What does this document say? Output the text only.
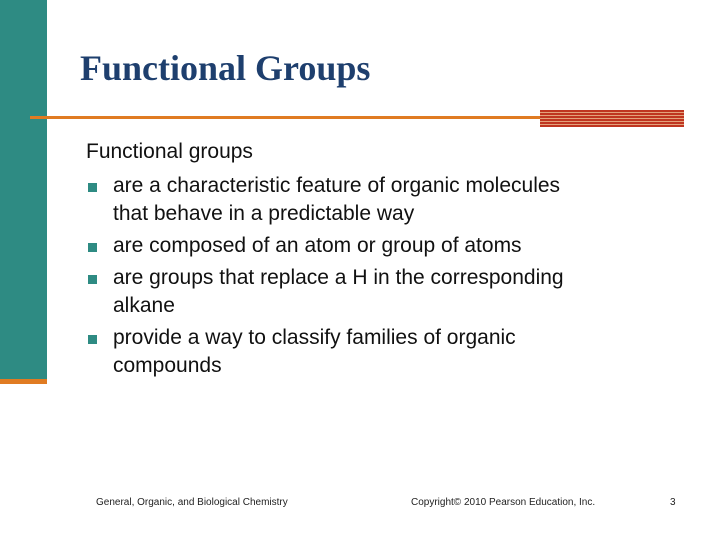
Functional Groups

Functional groups

are a characteristic feature of organic molecules
that behave in a predictable way
are composed of an atom or group of atoms
are groups that replace a H in the corresponding
alkane
provide a way to classify families of organic
compounds
General, Organic, and Biological Chemistry	Copyright© 2010 Pearson Education, Inc.	3
